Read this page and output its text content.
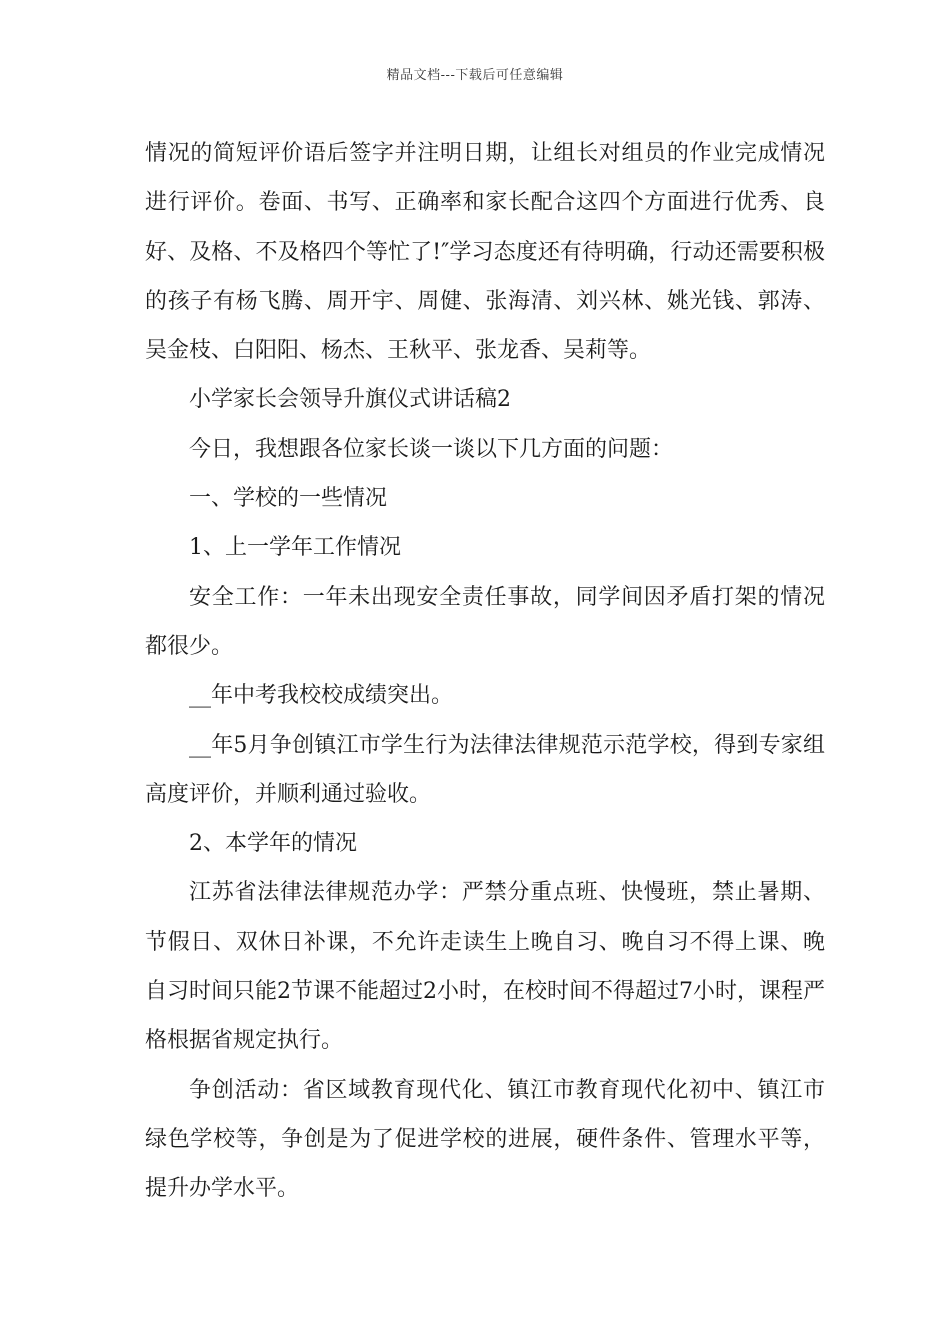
精品文档---下载后可任意编辑

情况的简短评价语后签字并注明日期，让组长对组员的作业完成情况进行评价。卷面、书写、正确率和家长配合这四个方面进行优秀、良好、及格、不及格四个等忙了!″学习态度还有待明确，行动还需要积极的孩子有杨飞腾、周开宇、周健、张海清、刘兴林、姚光钱、郭涛、吴金枝、白阳阳、杨杰、王秋平、张龙香、吴莉等。

小学家长会领导升旗仪式讲话稿2

今日，我想跟各位家长谈一谈以下几方面的问题：

一、学校的一些情况

1、上一学年工作情况

安全工作：一年未出现安全责任事故，同学间因矛盾打架的情况都很少。

__年中考我校校成绩突出。

__年5月争创镇江市学生行为法律法律规范示范学校，得到专家组高度评价，并顺利通过验收。

2、本学年的情况

江苏省法律法律规范办学：严禁分重点班、快慢班，禁止暑期、节假日、双休日补课，不允许走读生上晚自习、晚自习不得上课、晚自习时间只能2节课不能超过2小时，在校时间不得超过7小时，课程严格根据省规定执行。

争创活动：省区域教育现代化、镇江市教育现代化初中、镇江市绿色学校等，争创是为了促进学校的进展，硬件条件、管理水平等，提升办学水平。
